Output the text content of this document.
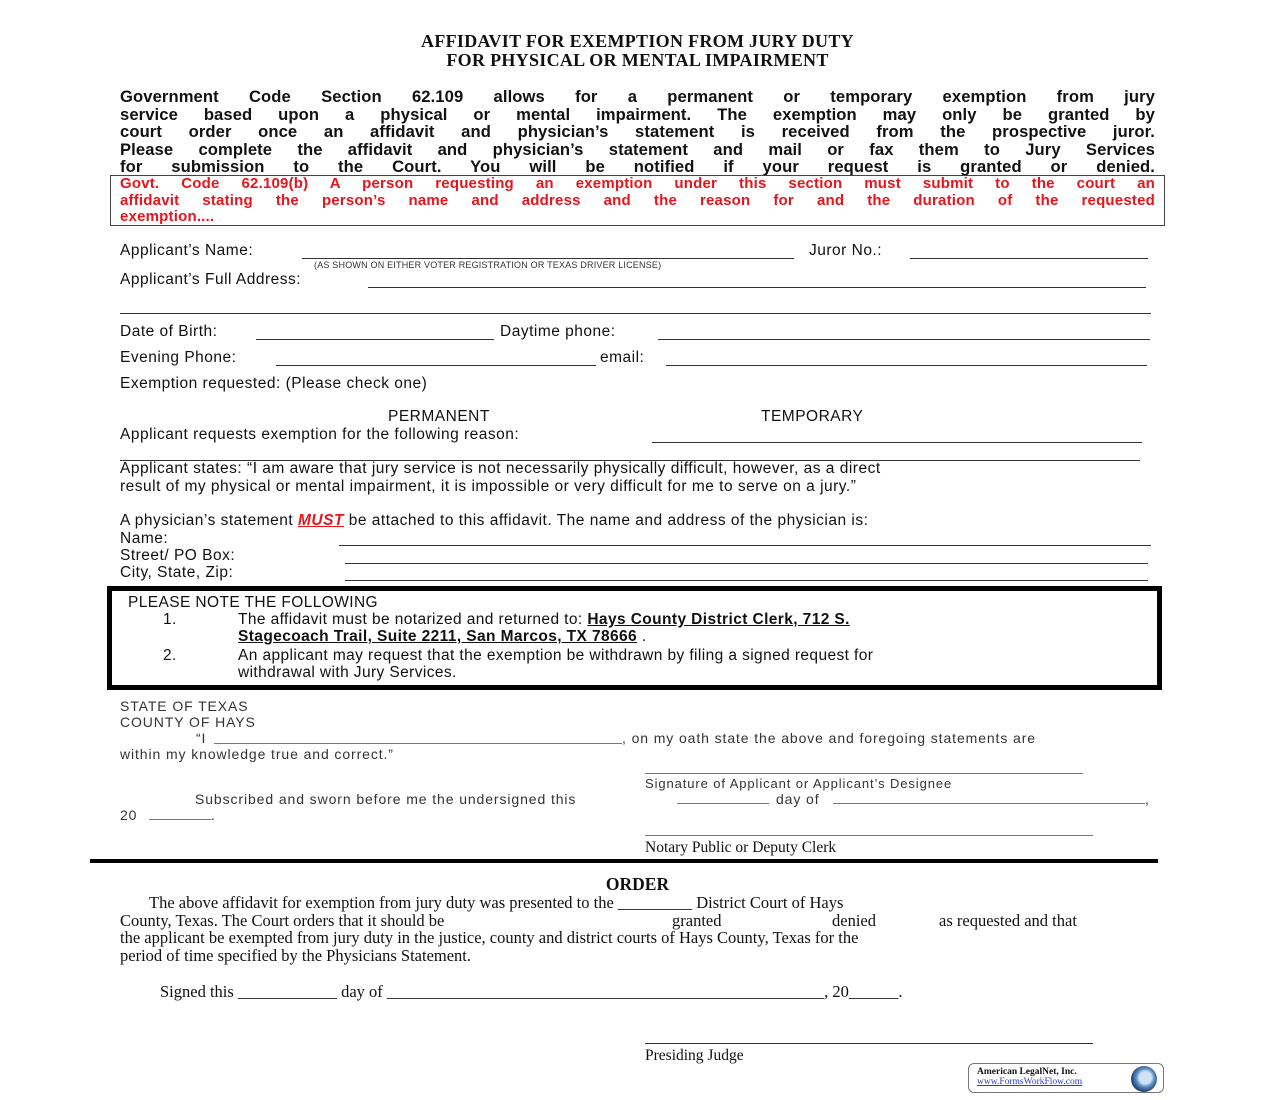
AFFIDAVIT FOR EXEMPTION FROM JURY DUTY
FOR PHYSICAL OR MENTAL IMPAIRMENT
Government Code Section 62.109 allows for a permanent or temporary exemption from jury
service based upon a physical or mental impairment. The exemption may only be granted by
court order once an affidavit and physician’s statement is received from the prospective juror.
Please complete the affidavit and physician’s statement and mail or fax them to Jury Services
for submission to the Court. You will be notified if your request is granted or denied.
Govt. Code 62.109(b) A person requesting an exemption under this section must submit to the court an
affidavit stating the person’s name and address and the reason for and the duration of the requested
exemption....
Applicant’s Name:	Juror No.:
(AS SHOWN ON EITHER VOTER REGISTRATION OR TEXAS DRIVER LICENSE)
Applicant’s Full Address:
Date of Birth:	Daytime phone:
Evening Phone:	email:
Exemption requested: (Please check one)
PERMANENT	TEMPORARY
Applicant requests exemption for the following reason:
Applicant states: “I am aware that jury service is not necessarily physically difficult, however, as a direct
result of my physical or mental impairment, it is impossible or very difficult for me to serve on a jury.”
A physician’s statement MUST be attached to this affidavit. The name and address of the physician is:
Name:
Street/ PO Box:
City, State, Zip:
PLEASE NOTE THE FOLLOWING
1.	The affidavit must be notarized and returned to: Hays County District Clerk, 712 S.
Stagecoach Trail, Suite 2211, San Marcos, TX 78666 .
2.	An applicant may request that the exemption be withdrawn by filing a signed request for
withdrawal with Jury Services.
STATE OF TEXAS
COUNTY OF HAYS
“I	, on my oath state the above and foregoing statements are
within my knowledge true and correct.”
Signature of Applicant or Applicant’s Designee
Subscribed and sworn before me the undersigned this	day of	,
20	.
Notary Public or Deputy Clerk
ORDER
The above affidavit for exemption from jury duty was presented to the _________ District Court of Hays
County, Texas. The Court orders that it should be	granted	denied	as requested and that
the applicant be exempted from jury duty in the justice, county and district courts of Hays County, Texas for the
period of time specified by the Physicians Statement.
Signed this ____________ day of _____________________________________________________, 20______.
Presiding Judge
American LegalNet, Inc.
www.FormsWorkFlow.com
